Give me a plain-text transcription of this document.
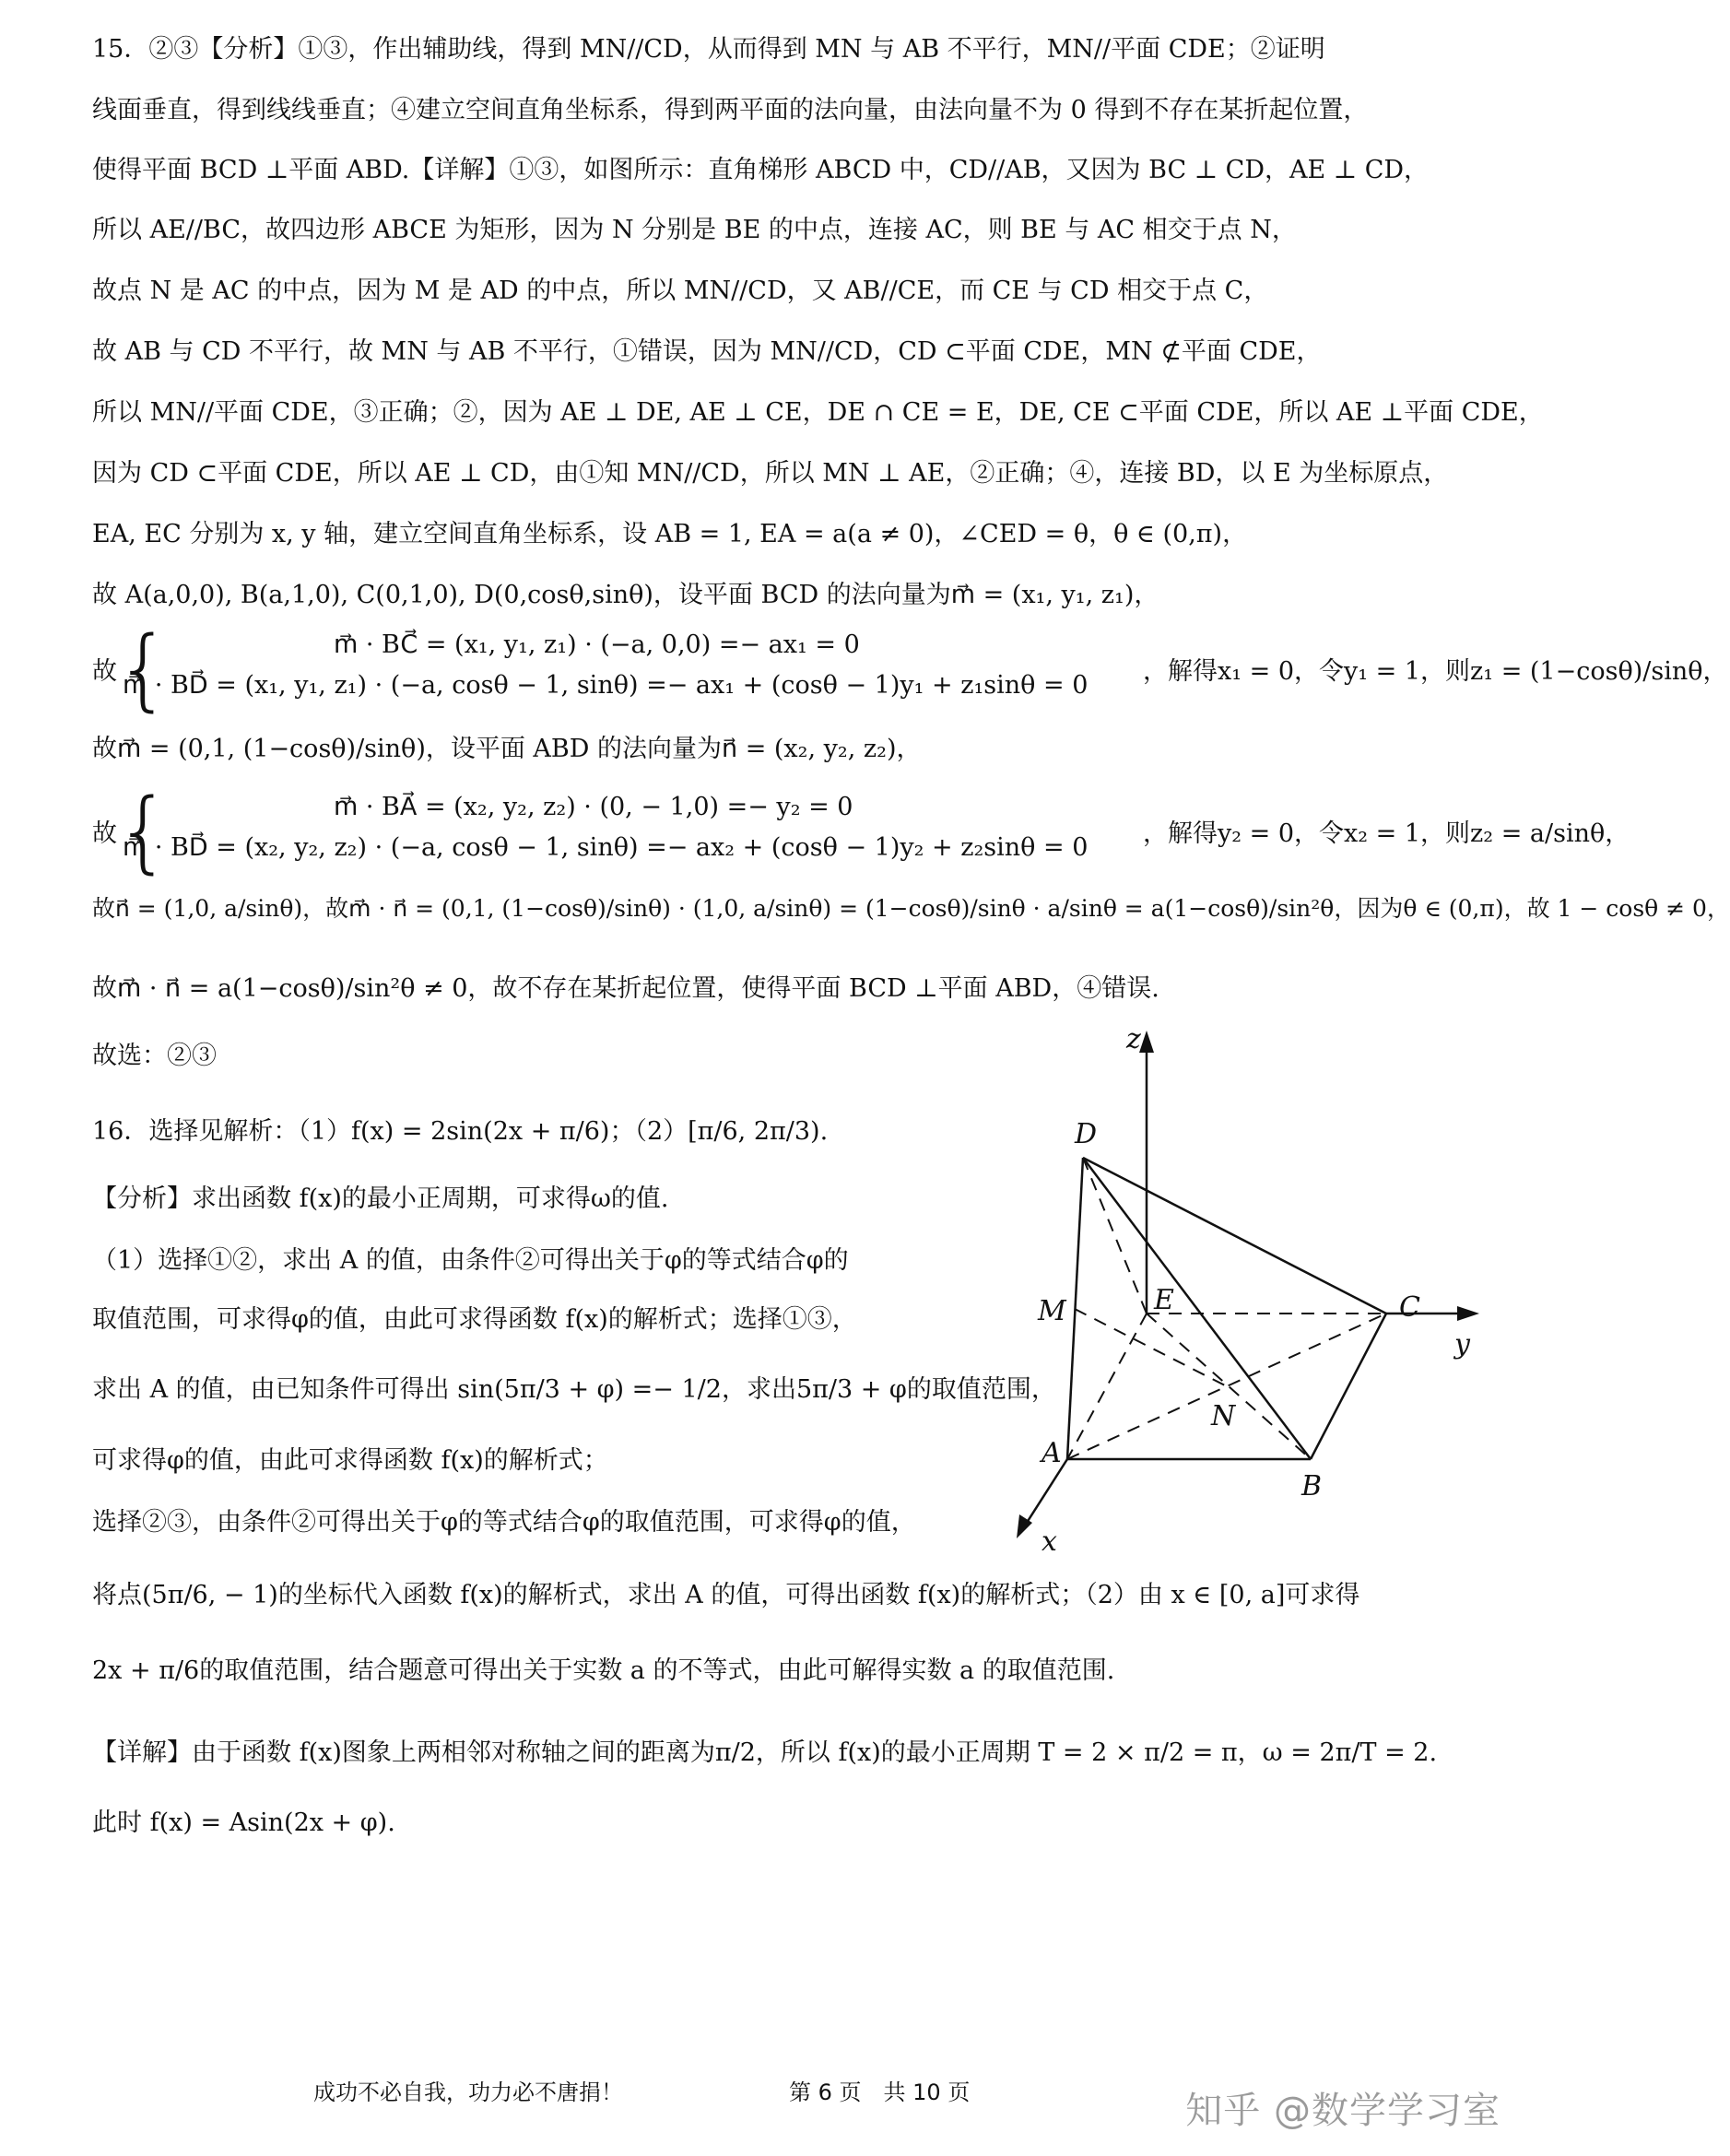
15．②③【分析】①③，作出辅助线，得到 MN//CD，从而得到 MN 与 AB 不平行，MN//平面 CDE；②证明
线面垂直，得到线线垂直；④建立空间直角坐标系，得到两平面的法向量，由法向量不为 0 得到不存在某折起位置，
使得平面 BCD ⊥平面 ABD.【详解】①③，如图所示：直角梯形 ABCD 中，CD//AB，又因为 BC ⊥ CD，AE ⊥ CD，
所以 AE//BC，故四边形 ABCE 为矩形，因为 N 分别是 BE 的中点，连接 AC，则 BE 与 AC 相交于点 N，
故点 N 是 AC 的中点，因为 M 是 AD 的中点，所以 MN//CD，又 AB//CE，而 CE 与 CD 相交于点 C，
故 AB 与 CD 不平行，故 MN 与 AB 不平行，①错误，因为 MN//CD，CD ⊂平面 CDE，MN ⊄平面 CDE，
所以 MN//平面 CDE，③正确；②，因为 AE ⊥ DE, AE ⊥ CE，DE ∩ CE = E，DE, CE ⊂平面 CDE，所以 AE ⊥平面 CDE，
因为 CD ⊂平面 CDE，所以 AE ⊥ CD，由①知 MN//CD，所以 MN ⊥ AE，②正确；④，连接 BD，以 E 为坐标原点，
EA, EC 分别为 x, y 轴，建立空间直角坐标系，设 AB = 1, EA = a(a ≠ 0)，∠CED = θ，θ ∈ (0,π)，
故 A(a,0,0), B(a,1,0), C(0,1,0), D(0,cosθ,sinθ)，设平面 BCD 的法向量为m⃗ = (x₁, y₁, z₁)，
故
{	m⃗ · BC⃗ = (x₁, y₁, z₁) · (−a, 0,0) =− ax₁ = 0
m⃗ · BD⃗ = (x₁, y₁, z₁) · (−a, cosθ − 1, sinθ) =− ax₁ + (cosθ − 1)y₁ + z₁sinθ = 0 ，解得x₁ = 0，令y₁ = 1，则z₁ = (1−cosθ)/sinθ，
故m⃗ = (0,1, (1−cosθ)/sinθ)，设平面 ABD 的法向量为n⃗ = (x₂, y₂, z₂)，
故
{	m⃗ · BA⃗ = (x₂, y₂, z₂) · (0, − 1,0) =− y₂ = 0
m⃗ · BD⃗ = (x₂, y₂, z₂) · (−a, cosθ − 1, sinθ) =− ax₂ + (cosθ − 1)y₂ + z₂sinθ = 0 ，解得y₂ = 0，令x₂ = 1，则z₂ = a/sinθ，
故n⃗ = (1,0, a/sinθ)，故m⃗ · n⃗ = (0,1, (1−cosθ)/sinθ) · (1,0, a/sinθ) = (1−cosθ)/sinθ · a/sinθ = a(1−cosθ)/sin²θ，因为θ ∈ (0,π)，故 1 − cosθ ≠ 0，
故m⃗ · n⃗ = a(1−cosθ)/sin²θ ≠ 0，故不存在某折起位置，使得平面 BCD ⊥平面 ABD，④错误.
故选：②③
16．选择见解析：（1）f(x) = 2sin(2x + π/6)；（2）[π/6, 2π/3).
【分析】求出函数 f(x)的最小正周期，可求得ω的值.
（1）选择①②，求出 A 的值，由条件②可得出关于φ的等式结合φ的
取值范围，可求得φ的值，由此可求得函数 f(x)的解析式；选择①③，
求出 A 的值，由已知条件可得出 sin(5π/3 + φ) =− 1/2，求出5π/3 + φ的取值范围，
可求得φ的值，由此可求得函数 f(x)的解析式；
选择②③，由条件②可得出关于φ的等式结合φ的取值范围，可求得φ的值，
将点(5π/6, − 1)的坐标代入函数 f(x)的解析式，求出 A 的值，可得出函数 f(x)的解析式；（2）由 x ∈ [0, a]可求得
2x + π/6的取值范围，结合题意可得出关于实数 a 的不等式，由此可解得实数 a 的取值范围.
【详解】由于函数 f(x)图象上两相邻对称轴之间的距离为π/2，所以 f(x)的最小正周期 T = 2 × π/2 = π，ω = 2π/T = 2.
此时 f(x) = Asin(2x + φ).
z
D
M	E	C
y
N
A
B
x
成功不必自我，功力必不唐捐！	第 6 页　共 10 页	知乎 @数学学习室
